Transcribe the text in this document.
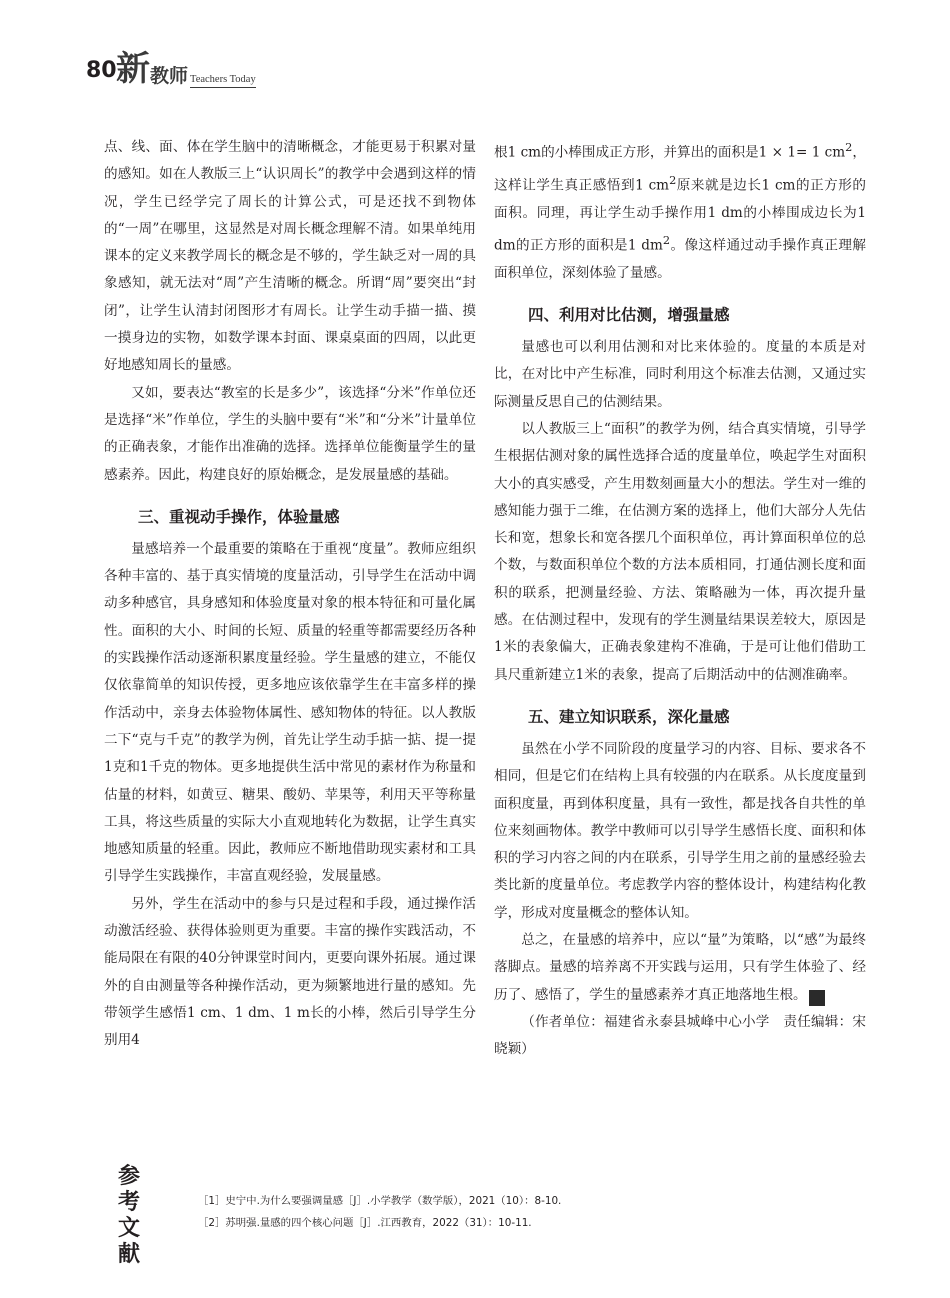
80 新 教师 Teachers Today

点、线、面、体在学生脑中的清晰概念，才能更易于积累对量的感知。如在人教版三上“认识周长”的教学中会遇到这样的情况，学生已经学完了周长的计算公式，可是还找不到物体的“一周”在哪里，这显然是对周长概念理解不清。如果单纯用课本的定义来教学周长的概念是不够的，学生缺乏对一周的具象感知，就无法对“周”产生清晰的概念。所谓“周”要突出“封闭”，让学生认清封闭图形才有周长。让学生动手描一描、摸一摸身边的实物，如数学课本封面、课桌桌面的四周，以此更好地感知周长的量感。

又如，要表达“教室的长是多少”，该选择“分米”作单位还是选择“米”作单位，学生的头脑中要有“米”和“分米”计量单位的正确表象，才能作出准确的选择。选择单位能衡量学生的量感素养。因此，构建良好的原始概念，是发展量感的基础。

三、重视动手操作，体验量感

量感培养一个最重要的策略在于重视“度量”。教师应组织各种丰富的、基于真实情境的度量活动，引导学生在活动中调动多种感官，具身感知和体验度量对象的根本特征和可量化属性。面积的大小、时间的长短、质量的轻重等都需要经历各种的实践操作活动逐渐积累度量经验。学生量感的建立，不能仅仅依靠简单的知识传授，更多地应该依靠学生在丰富多样的操作活动中，亲身去体验物体属性、感知物体的特征。以人教版二下“克与千克”的教学为例，首先让学生动手掂一掂、提一提1克和1千克的物体。更多地提供生活中常见的素材作为称量和估量的材料，如黄豆、糖果、酸奶、苹果等，利用天平等称量工具，将这些质量的实际大小直观地转化为数据，让学生真实地感知质量的轻重。因此，教师应不断地借助现实素材和工具引导学生实践操作，丰富直观经验，发展量感。

另外，学生在活动中的参与只是过程和手段，通过操作活动激活经验、获得体验则更为重要。丰富的操作实践活动，不能局限在有限的40分钟课堂时间内，更要向课外拓展。通过课外的自由测量等各种操作活动，更为频繁地进行量的感知。先带领学生感悟1 cm、1 dm、1 m长的小棒，然后引导学生分别用4

根1 cm的小棒围成正方形，并算出的面积是1 × 1= 1 $cm^2$，这样让学生真正感悟到1 $cm^2$原来就是边长1 cm的正方形的面积。同理，再让学生动手操作用1 dm的小棒围成边长为1 dm的正方形的面积是1 $dm^2$。像这样通过动手操作真正理解面积单位，深刻体验了量感。

四、利用对比估测，增强量感

量感也可以利用估测和对比来体验的。度量的本质是对比，在对比中产生标准，同时利用这个标准去估测，又通过实际测量反思自己的估测结果。

以人教版三上“面积”的教学为例，结合真实情境，引导学生根据估测对象的属性选择合适的度量单位，唤起学生对面积大小的真实感受，产生用数刻画量大小的想法。学生对一维的感知能力强于二维，在估测方案的选择上，他们大部分人先估长和宽，想象长和宽各摆几个面积单位，再计算面积单位的总个数，与数面积单位个数的方法本质相同，打通估测长度和面积的联系，把测量经验、方法、策略融为一体，再次提升量感。在估测过程中，发现有的学生测量结果误差较大，原因是1米的表象偏大，正确表象建构不准确，于是可让他们借助工具尺重新建立1米的表象，提高了后期活动中的估测准确率。

五、建立知识联系，深化量感

虽然在小学不同阶段的度量学习的内容、目标、要求各不相同，但是它们在结构上具有较强的内在联系。从长度度量到面积度量，再到体积度量，具有一致性，都是找各自共性的单位来刻画物体。教学中教师可以引导学生感悟长度、面积和体积的学习内容之间的内在联系，引导学生用之前的量感经验去类比新的度量单位。考虑教学内容的整体设计，构建结构化教学，形成对度量概念的整体认知。

总之，在量感的培养中，应以“量”为策略，以“感”为最终落脚点。量感的培养离不开实践与运用，只有学生体验了、经历了、感悟了，学生的量感素养才真正地落地生根。	新

（作者单位：福建省永泰县城峰中心小学　责任编辑：宋晓颖）

参
考
文
献
［1］史宁中.为什么要强调量感［J］.小学教学（数学版），2021（10）：8-10.
［2］苏明强.量感的四个核心问题［J］.江西教育，2022（31）：10-11.
